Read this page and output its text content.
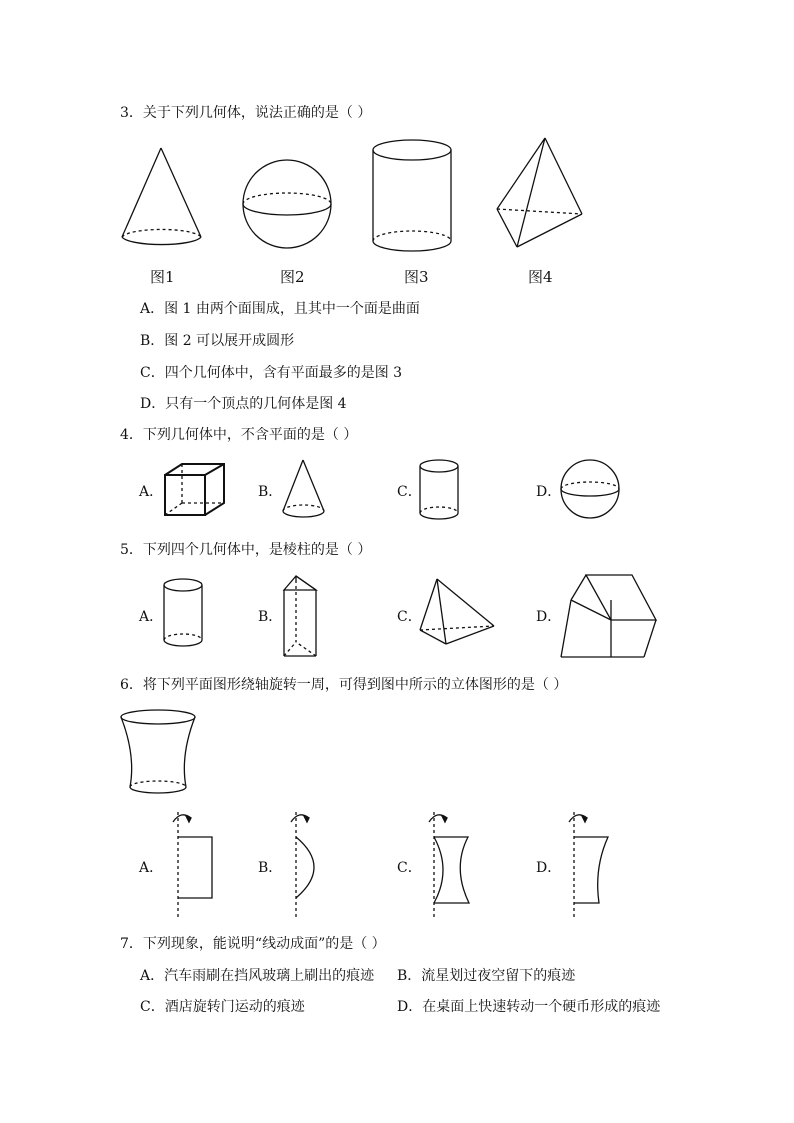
3．关于下列几何体，说法正确的是（ ）
图1	图2	图3	图4
A．图 1 由两个面围成，且其中一个面是曲面
B．图 2 可以展开成圆形
C．四个几何体中，含有平面最多的是图 3
D．只有一个顶点的几何体是图 4
4．下列几何体中，不含平面的是（ ）
A．	B．	C．	D．
5．下列四个几何体中，是棱柱的是（ ）
A．	B．	C．	D．
6．将下列平面图形绕轴旋转一周，可得到图中所示的立体图形的是（ ）
A．	B．	C．	D．
7．下列现象，能说明“线动成面”的是（ ）
A．汽车雨刷在挡风玻璃上刷出的痕迹 B．流星划过夜空留下的痕迹
C．酒店旋转门运动的痕迹	D．在桌面上快速转动一个硬币形成的痕迹
